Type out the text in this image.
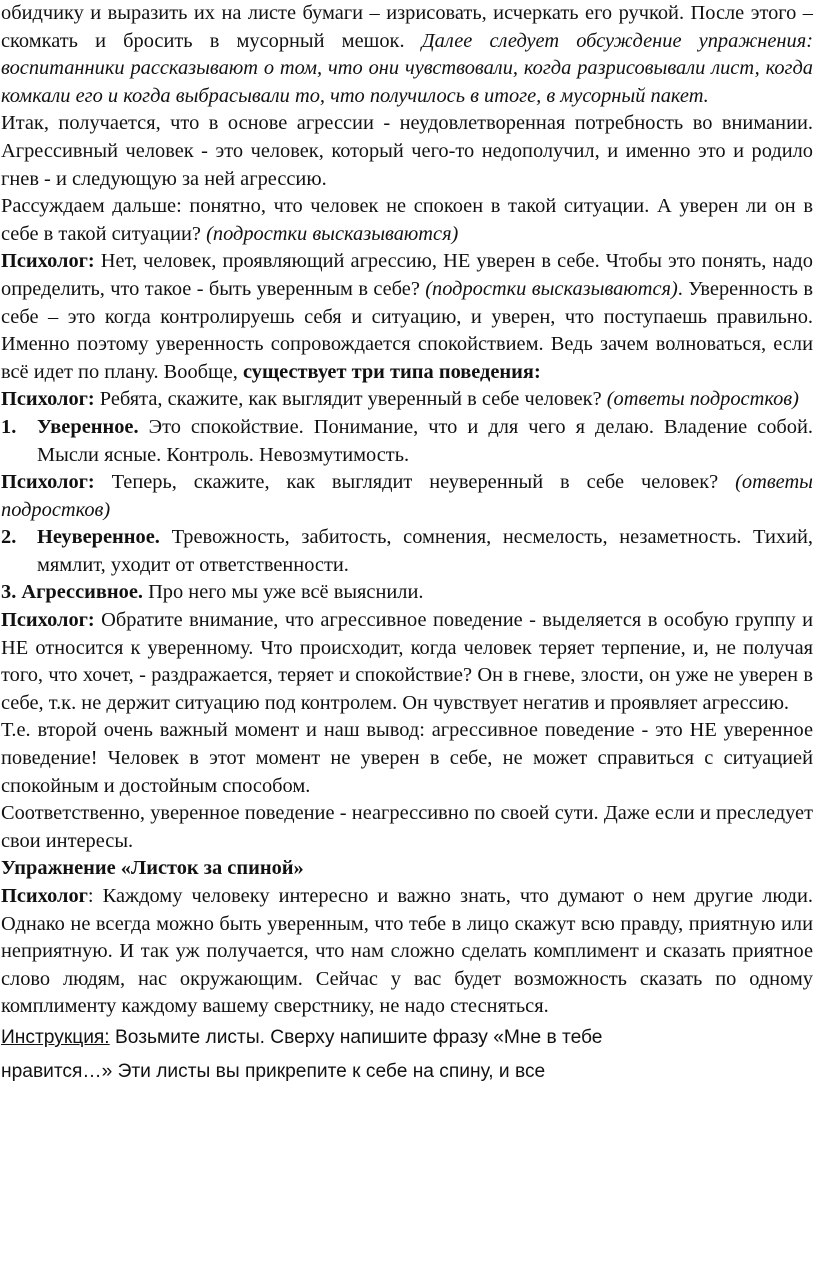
обидчику и выразить их на листе бумаги – изрисовать, исчеркать его ручкой. После этого – скомкать и бросить в мусорный мешок. Далее следует обсуждение упражнения: воспитанники рассказывают о том, что они чувствовали, когда разрисовывали лист, когда комкали его и когда выбрасывали то, что получилось в итоге, в мусорный пакет.

Итак, получается, что в основе агрессии - неудовлетворенная потребность во внимании. Агрессивный человек - это человек, который чего-то недополучил, и именно это и родило гнев - и следующую за ней агрессию.

Рассуждаем дальше: понятно, что человек не спокоен в такой ситуации. А уверен ли он в себе в такой ситуации? (подростки высказываются)

Психолог: Нет, человек, проявляющий агрессию, НЕ уверен в себе. Чтобы это понять, надо определить, что такое - быть уверенным в себе? (подростки высказываются). Уверенность в себе – это когда контролируешь себя и ситуацию, и уверен, что поступаешь правильно. Именно поэтому уверенность сопровождается спокойствием. Ведь зачем волноваться, если всё идет по плану. Вообще, существует три типа поведения:

Психолог: Ребята, скажите, как выглядит уверенный в себе человек? (ответы подростков)

1.	Уверенное. Это спокойствие. Понимание, что и для чего я делаю. Владение собой. Мысли ясные. Контроль. Невозмутимость.

Психолог: Теперь, скажите, как выглядит неуверенный в себе человек? (ответы подростков)

2.	Неуверенное. Тревожность, забитость, сомнения, несмелость, незаметность. Тихий, мямлит, уходит от ответственности.

3. Агрессивное. Про него мы уже всё выяснили.

Психолог: Обратите внимание, что агрессивное поведение - выделяется в особую группу и НЕ относится к уверенному. Что происходит, когда человек теряет терпение, и, не получая того, что хочет, - раздражается, теряет и спокойствие? Он в гневе, злости, он уже не уверен в себе, т.к. не держит ситуацию под контролем. Он чувствует негатив и проявляет агрессию.

Т.е. второй очень важный момент и наш вывод: агрессивное поведение - это НЕ уверенное поведение! Человек в этот момент не уверен в себе, не может справиться с ситуацией спокойным и достойным способом.

Соответственно, уверенное поведение - неагрессивно по своей сути. Даже если и преследует свои интересы.

Упражнение «Листок за спиной»

Психолог: Каждому человеку интересно и важно знать, что думают о нем другие люди. Однако не всегда можно быть уверенным, что тебе в лицо скажут всю правду, приятную или неприятную. И так уж получается, что нам сложно сделать комплимент и сказать приятное слово людям, нас окружающим. Сейчас у вас будет возможность сказать по одному комплименту каждому вашему сверстнику, не надо стесняться.

Инструкция: Возьмите листы. Сверху напишите фразу «Мне в тебе
нравится…» Эти листы вы прикрепите к себе на спину, и все
